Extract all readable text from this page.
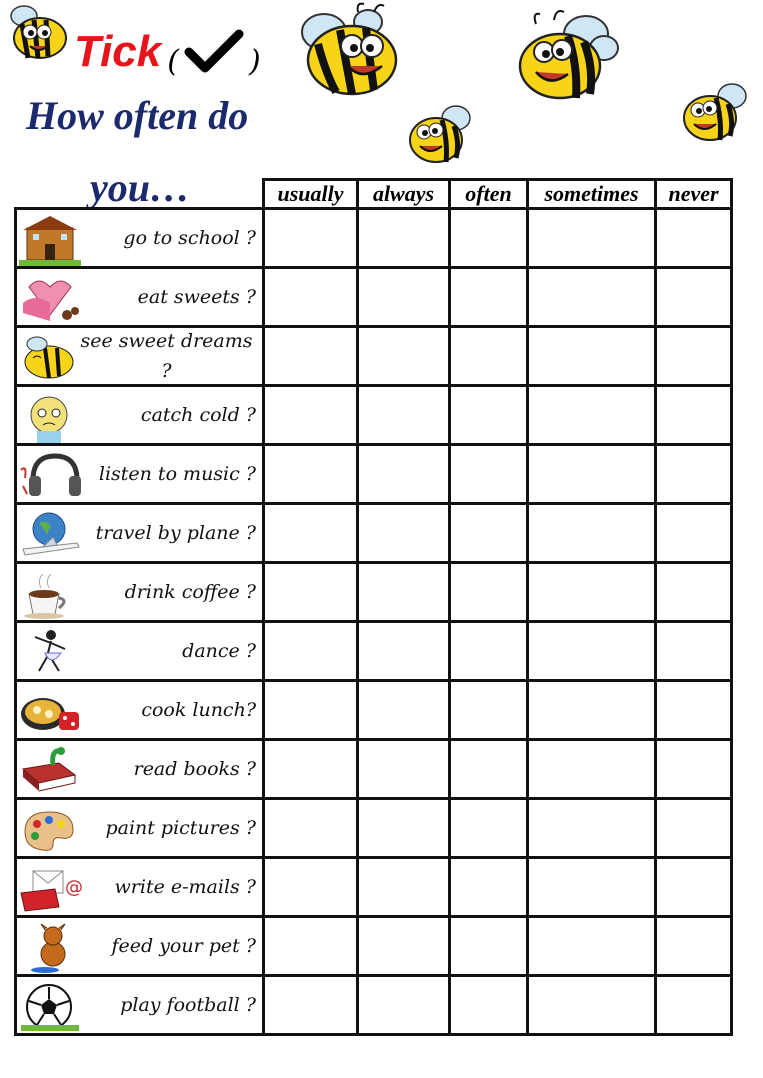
Tick ( )
How often do
you…
		usually	always	often	sometimes	never

go to school ?					

eat sweets ?					

see sweet dreams ?					

catch cold ?					

listen to music ?					

travel by plane ?					

drink coffee ?					

dance ?					

cook lunch?					

read books ?					

paint pictures ?					

@ write e-mails ?					

feed your pet ?					

play football ?					
